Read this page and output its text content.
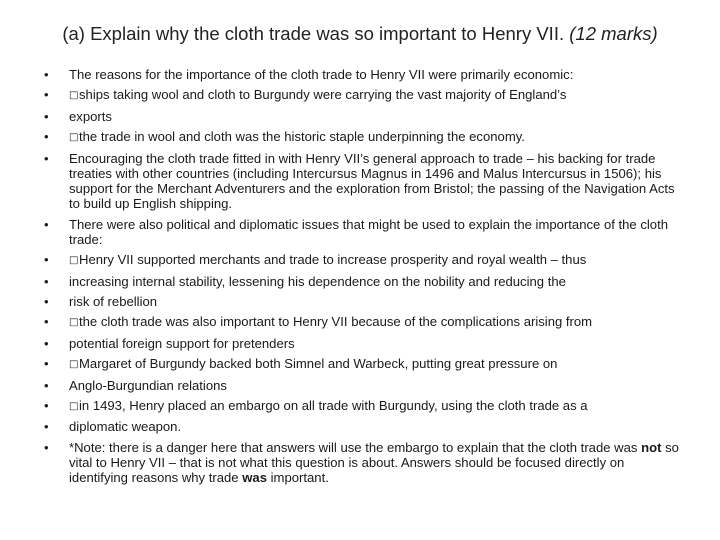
(a) Explain why the cloth trade was so important to Henry VII. (12 marks)
•	The reasons for the importance of the cloth trade to Henry VII were primarily economic:
•	□ships taking wool and cloth to Burgundy were carrying the vast majority of England’s
•	exports
•	□the trade in wool and cloth was the historic staple underpinning the economy.
•	Encouraging the cloth trade fitted in with Henry VII’s general approach to trade – his backing for trade treaties with other countries (including Intercursus Magnus in 1496 and Malus Intercursus in 1506); his support for the Merchant Adventurers and the exploration from Bristol; the passing of the Navigation Acts to build up English shipping.
•	There were also political and diplomatic issues that might be used to explain the importance of the cloth trade:
•	□Henry VII supported merchants and trade to increase prosperity and royal wealth – thus
•	increasing internal stability, lessening his dependence on the nobility and reducing the
•	risk of rebellion
•	□the cloth trade was also important to Henry VII because of the complications arising from
•	potential foreign support for pretenders
•	□Margaret of Burgundy backed both Simnel and Warbeck, putting great pressure on
•	Anglo-Burgundian relations
•	□in 1493, Henry placed an embargo on all trade with Burgundy, using the cloth trade as a
•	diplomatic weapon.
•	*Note: there is a danger here that answers will use the embargo to explain that the cloth trade was not so vital to Henry VII – that is not what this question is about. Answers should be focused directly on identifying reasons why trade was important.
